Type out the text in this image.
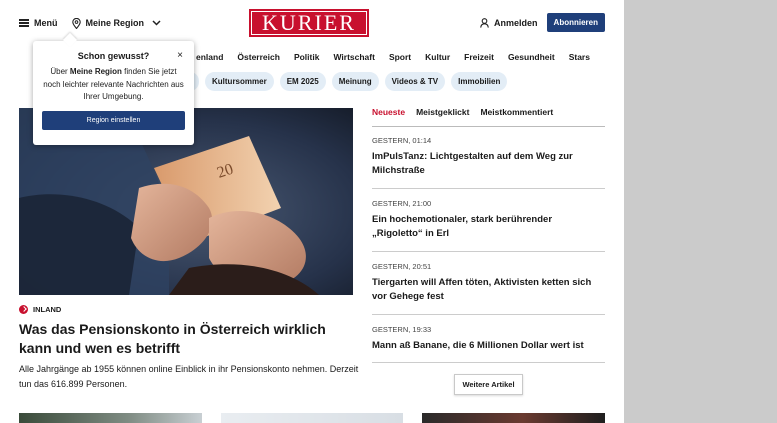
Menü	Meine Region	KURIER	Anmelden	Abonnieren
enland Österreich Politik Wirtschaft Sport Kultur Freizeit Gesundheit Stars
Kultursommer	EM 2025	Meinung	Videos & TV	Immobilien
20
INLAND
Was das Pensionskonto in Österreich wirklich kann und wen es betrifft
Alle Jahrgänge ab 1955 können online Einblick in ihr Pensionskonto nehmen. Derzeit tun das 616.899 Personen.
Neueste Meistgeklickt Meistkommentiert
GESTERN, 01:14
ImPulsTanz: Lichtgestalten auf dem Weg zur Milchstraße
GESTERN, 21:00
Ein hochemotionaler, stark berührender „Rigoletto“ in Erl
GESTERN, 20:51
Tiergarten will Affen töten, Aktivisten ketten sich vor Gehege fest
GESTERN, 19:33
Mann aß Banane, die 6 Millionen Dollar wert ist
Weitere Artikel
Schon gewusst?	×
Über Meine Region finden Sie jetzt noch leichter relevante Nachrichten aus Ihrer Umgebung.
Region einstellen
